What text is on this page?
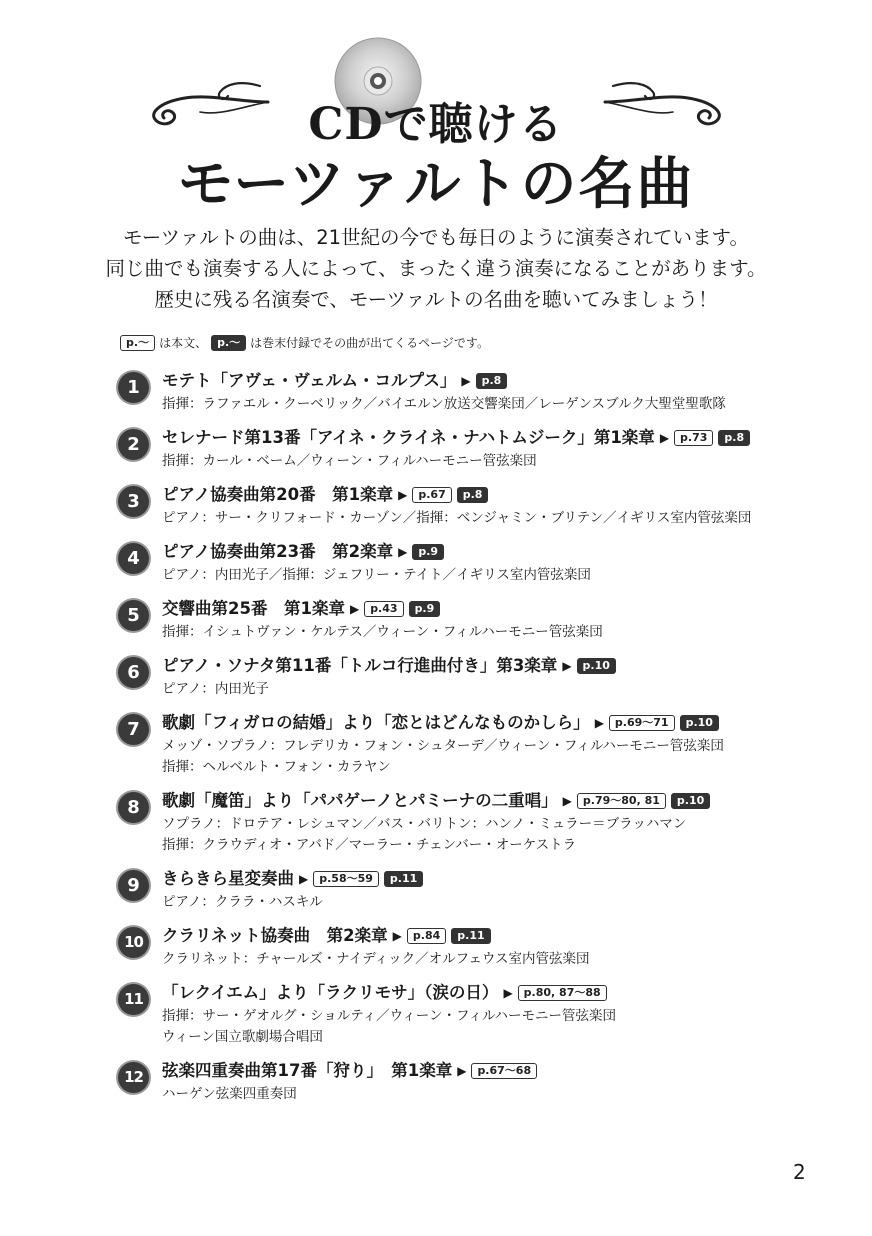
CDで聴ける
モーツァルトの名曲
モーツァルトの曲は、21世紀の今でも毎日のように演奏されています。
同じ曲でも演奏する人によって、まったく違う演奏になることがあります。
歴史に残る名演奏で、モーツァルトの名曲を聴いてみましょう！
p.～ は本文、 p.～ は巻末付録でその曲が出てくるページです。
1	モテト「アヴェ・ヴェルム・コルプス」 ▶	p.8
指揮：ラファエル・クーベリック／バイエルン放送交響楽団／レーゲンスブルク大聖堂聖歌隊
2	セレナード第13番「アイネ・クライネ・ナハトムジーク」第1楽章 ▶	p.73	p.8
指揮：カール・ベーム／ウィーン・フィルハーモニー管弦楽団
3	ピアノ協奏曲第20番　第1楽章 ▶	p.67	p.8
ピアノ：サー・クリフォード・カーゾン／指揮：ベンジャミン・ブリテン／イギリス室内管弦楽団
4	ピアノ協奏曲第23番　第2楽章 ▶	p.9
ピアノ：内田光子／指揮：ジェフリー・テイト／イギリス室内管弦楽団
5	交響曲第25番　第1楽章 ▶	p.43	p.9
指揮：イシュトヴァン・ケルテス／ウィーン・フィルハーモニー管弦楽団
6	ピアノ・ソナタ第11番「トルコ行進曲付き」第3楽章 ▶	p.10
ピアノ：内田光子
7	歌劇「フィガロの結婚」より「恋とはどんなものかしら」 ▶	p.69～71	p.10
メッゾ・ソプラノ：フレデリカ・フォン・シュターデ／ウィーン・フィルハーモニー管弦楽団
指揮：ヘルベルト・フォン・カラヤン
8	歌劇「魔笛」より「パパゲーノとパミーナの二重唱」 ▶	p.79～80, 81	p.10
ソプラノ：ドロテア・レシュマン／バス・バリトン：ハンノ・ミュラー＝ブラッハマン
指揮：クラウディオ・アバド／マーラー・チェンバー・オーケストラ
9	きらきら星変奏曲 ▶	p.58～59	p.11
ピアノ：クララ・ハスキル
10	クラリネット協奏曲　第2楽章 ▶	p.84	p.11
クラリネット：チャールズ・ナイディック／オルフェウス室内管弦楽団
11	「レクイエム」より「ラクリモサ」（涙の日） ▶	p.80, 87～88
指揮：サー・ゲオルグ・ショルティ／ウィーン・フィルハーモニー管弦楽団
ウィーン国立歌劇場合唱団
12	弦楽四重奏曲第17番「狩り」　第1楽章 ▶	p.67～68
ハーゲン弦楽四重奏団
2
